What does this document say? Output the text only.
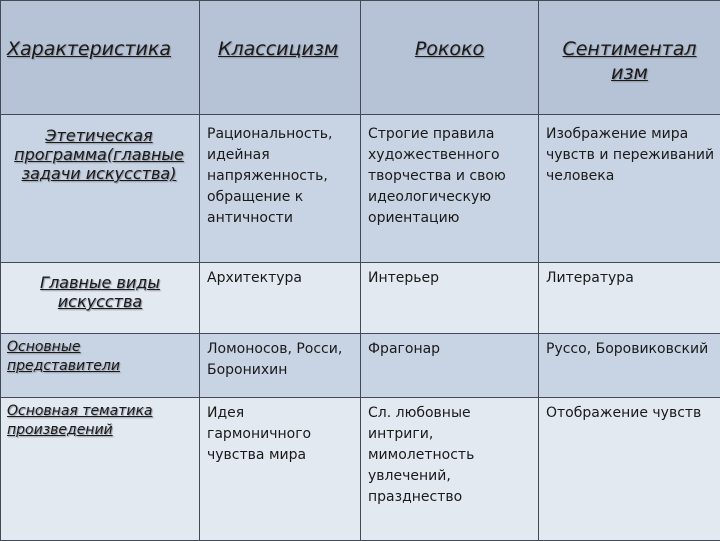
Характеристика	Классицизм	Рококо	Сентиментал изм

Этетическая программа(главные задачи искусства)	Рациональность, идейная напряженность, обращение к античности	Строгие правила художественного творчества и свою идеологическую ориентацию	Изображение мира чувств и переживаний человека

Главные виды искусства	Архитектура	Интерьер	Литература

Основные представители	Ломоносов, Росси, Боронихин	Фрагонар	Руссо, Боровиковский

Основная тематика произведений	Идея гармоничного чувства мира	Сл. любовные интриги, мимолетность увлечений, празднество	Отображение чувств
